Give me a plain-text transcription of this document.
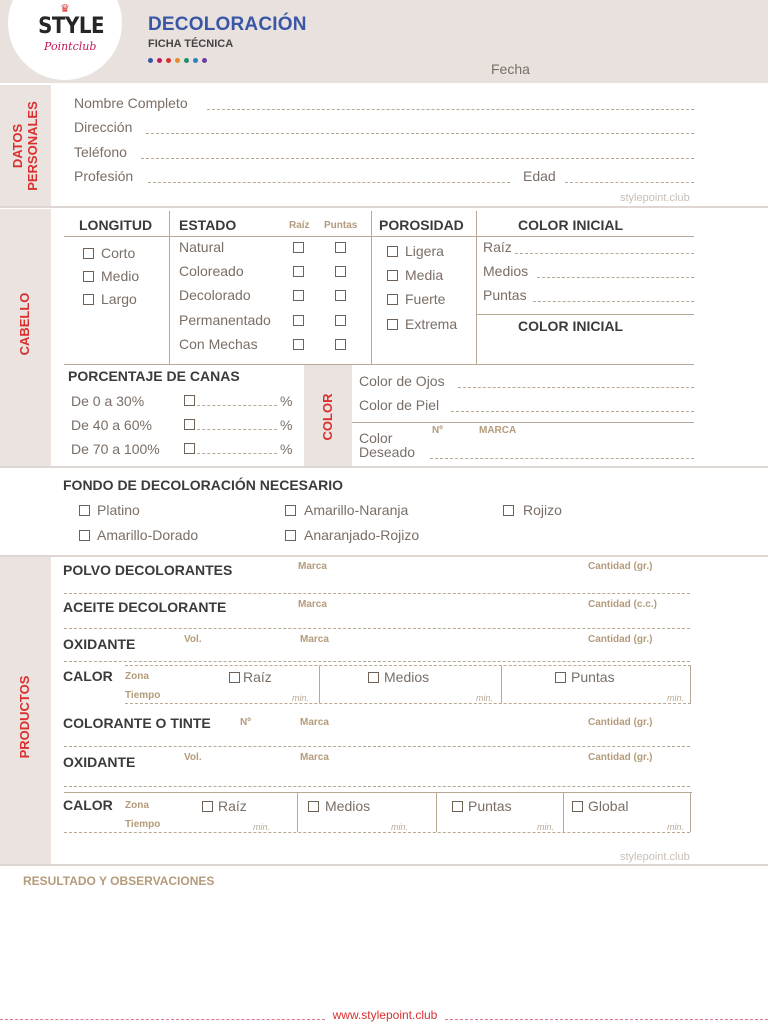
♛
STYLE
Pointclub
DECOLORACIÓN
FICHA TÉCNICA
Fecha
DATOS PERSONALES Nombre Completo
Dirección
Teléfono
Profesión	Edad
stylepoint.club
CABELLO
LONGITUD
Corto
Medio
Largo
ESTADO	Raíz Puntas
Natural
Coloreado
Decolorado
Permanentado
Con Mechas
POROSIDAD
Ligera
Media
Fuerte
Extrema
COLOR INICIAL
Raíz
Medios
Puntas
COLOR INICIAL
PORCENTAJE DE CANAS
De 0 a 30%	%
De 40 a 60%	%
De 70 a 100%	%
COLOR
Color de Ojos
Color de Piel
Nº	MARCA
Color
Deseado
FONDO DE DECOLORACIÓN NECESARIO
Platino	Amarillo-Naranja	Rojizo
Amarillo-Dorado	Anaranjado-Rojizo
PRODUCTOS
POLVO DECOLORANTES	Marca	Cantidad (gr.)
ACEITE DECOLORANTE	Marca	Cantidad (c.c.)
OXIDANTE	Vol.	Marca	Cantidad (gr.)
CALOR Zona
Tiempo
Raíz	Medios	Puntas
min.	min.	min.
COLORANTE O TINTE	Nº	Marca	Cantidad (gr.)
OXIDANTE	Vol.	Marca	Cantidad (gr.)
CALOR Zona
Tiempo
Raíz	Medios	Puntas	Global
min.	min.	min.	min.
stylepoint.club
RESULTADO Y OBSERVACIONES
www.stylepoint.club
